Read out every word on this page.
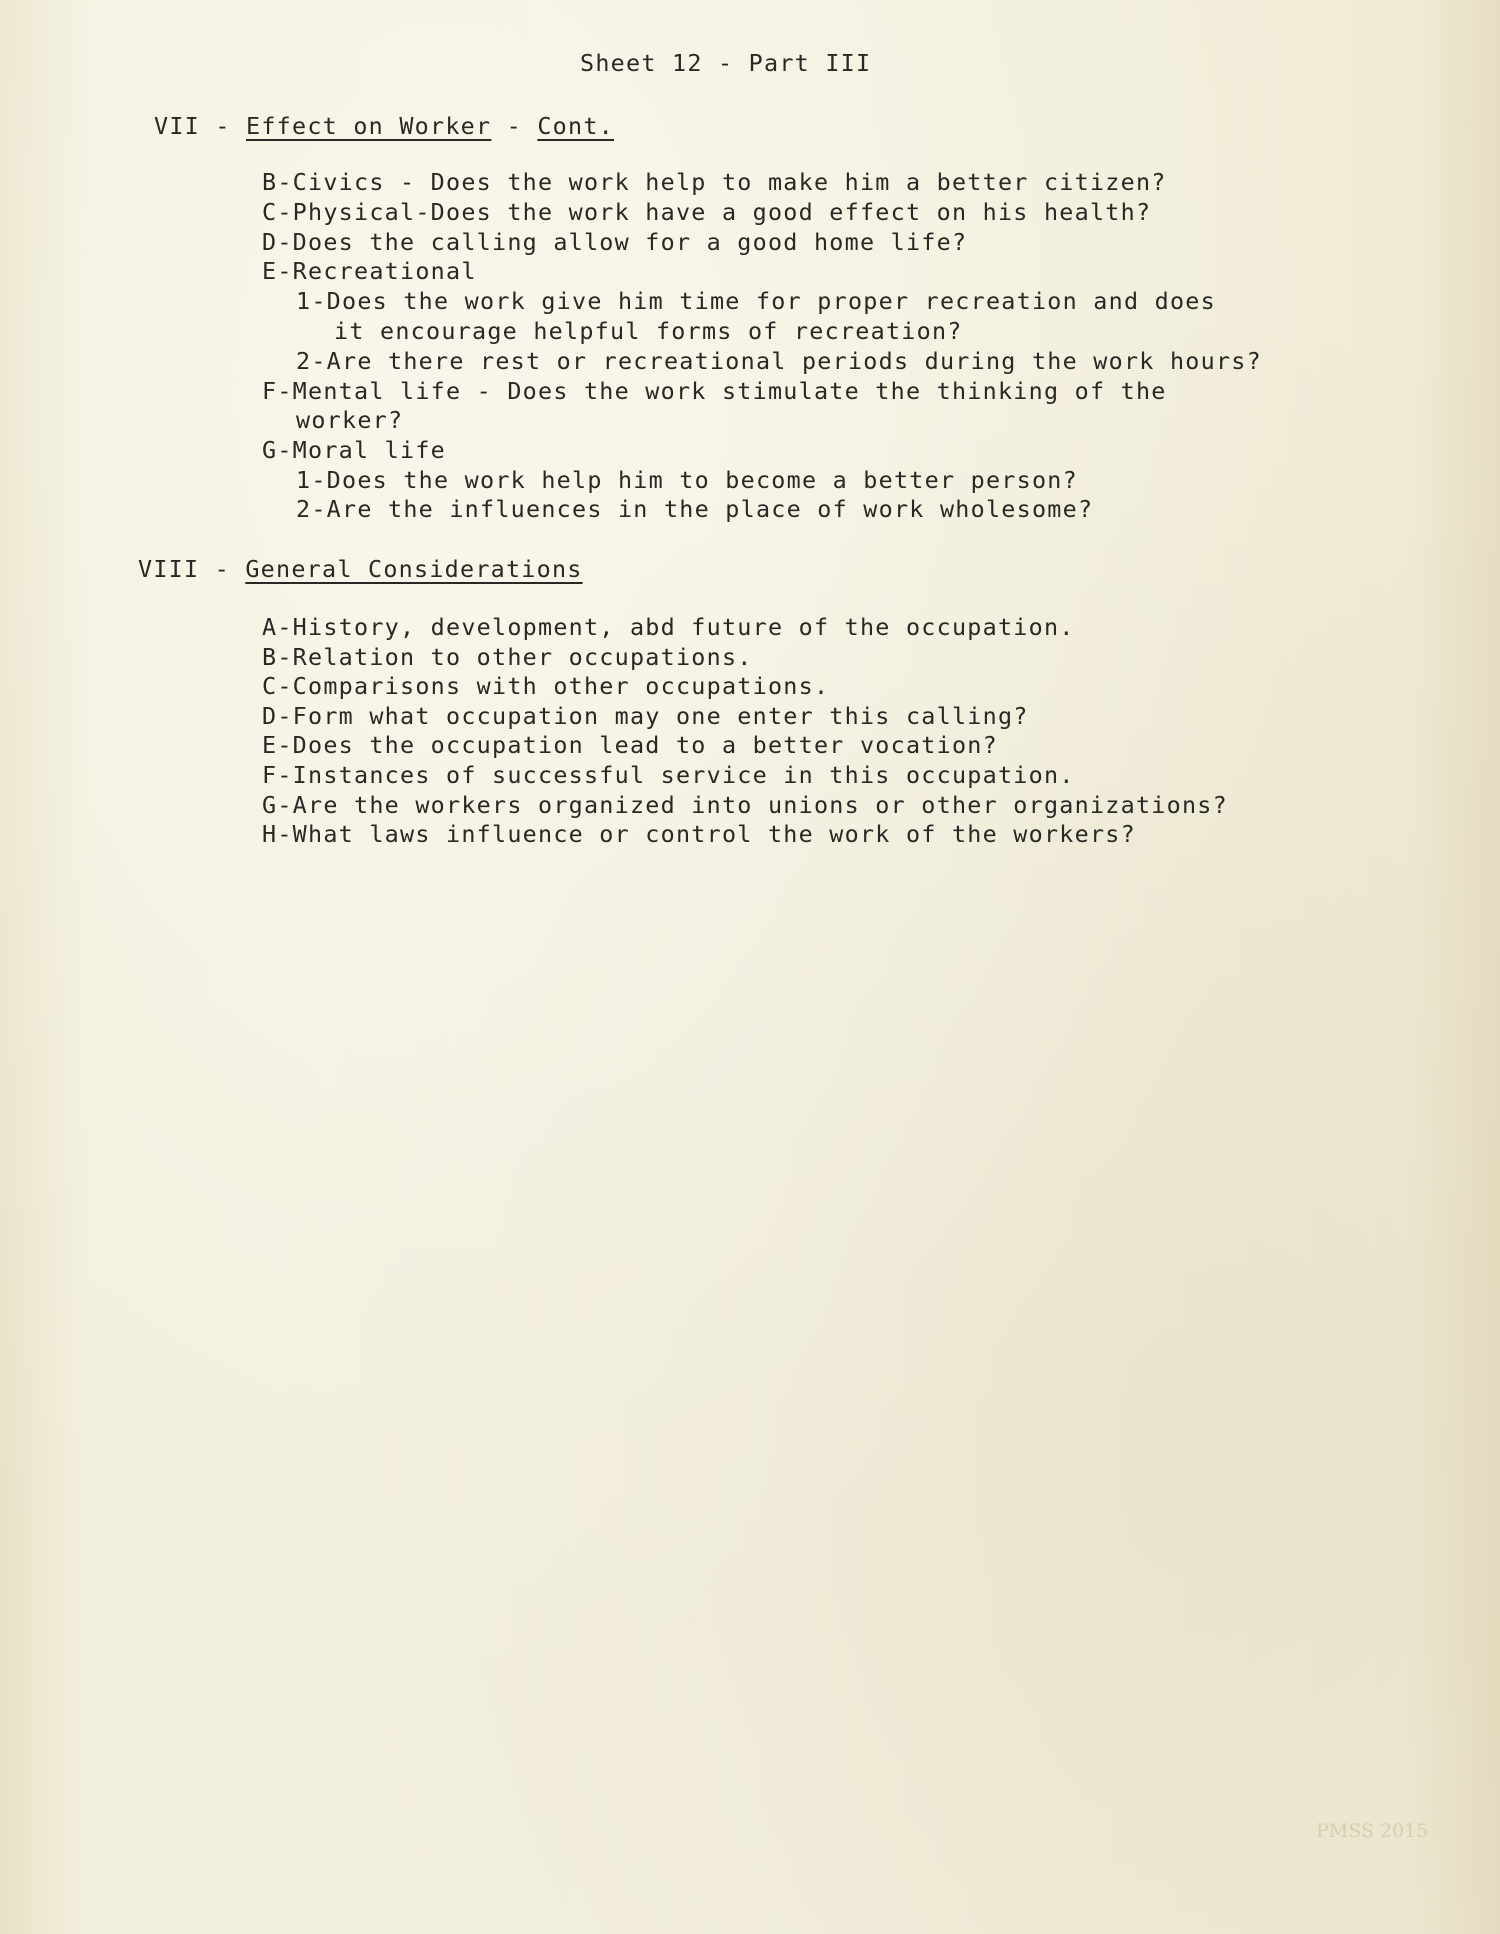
Sheet 12 - Part III
VII - Effect on Worker - Cont.
B-Civics - Does the work help to make him a better citizen?
C-Physical-Does the work have a good effect on his health?
D-Does the calling allow for a good home life?
E-Recreational
1-Does the work give him time for proper recreation and does
it encourage helpful forms of recreation?
2-Are there rest or recreational periods during the work hours?
F-Mental life - Does the work stimulate the thinking of the
worker?
G-Moral life
1-Does the work help him to become a better person?
2-Are the influences in the place of work wholesome?
VIII - General Considerations
A-History, development, abd future of the occupation.
B-Relation to other occupations.
C-Comparisons with other occupations.
D-Form what occupation may one enter this calling?
E-Does the occupation lead to a better vocation?
F-Instances of successful service in this occupation.
G-Are the workers organized into unions or other organizations?
H-What laws influence or control the work of the workers?
PMSS 2015
